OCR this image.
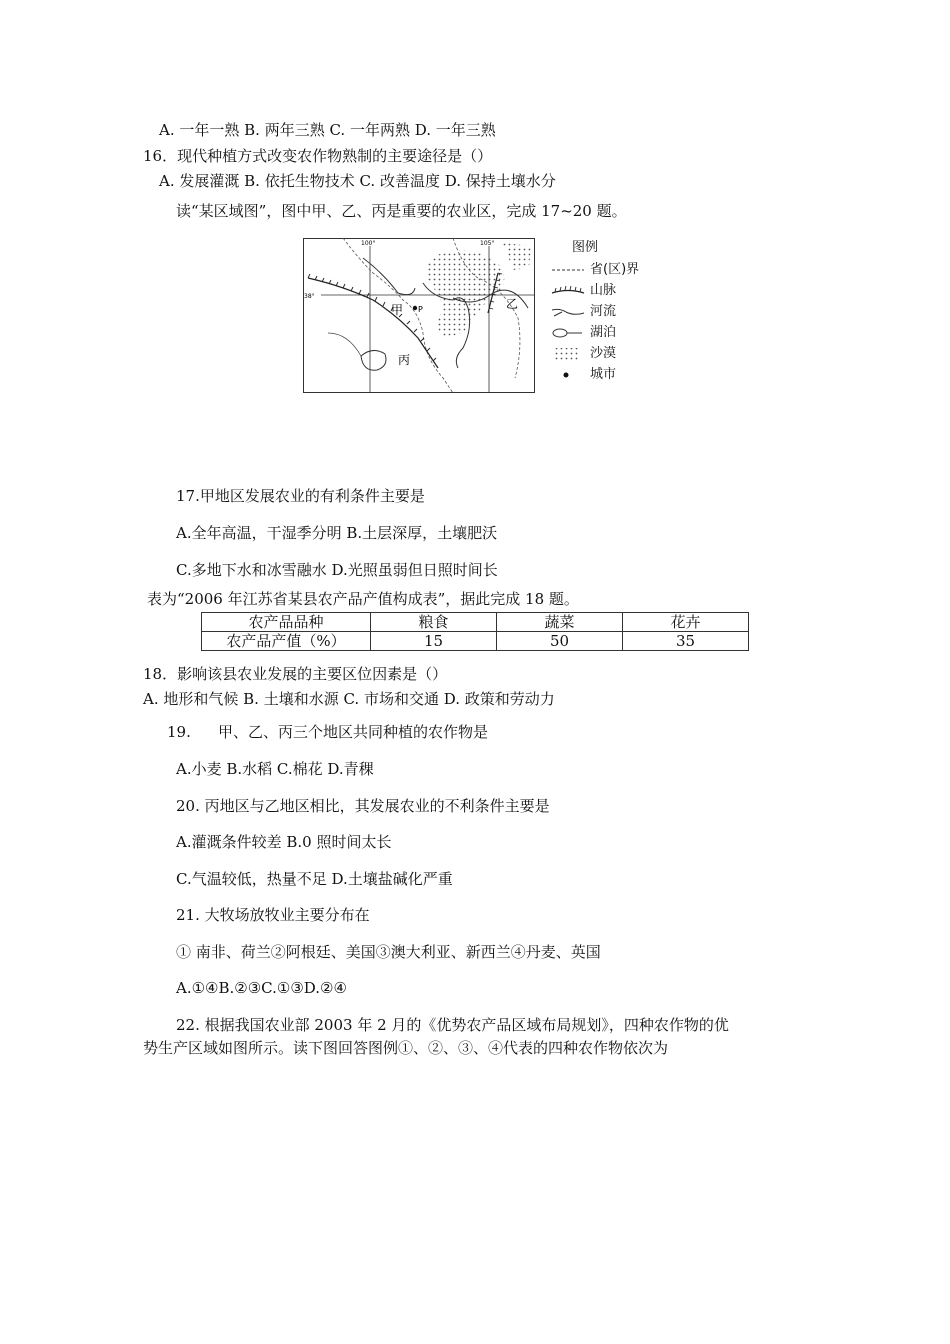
A. 一年一熟 B. 两年三熟 C. 一年两熟 D. 一年三熟
16．现代种植方式改变农作物熟制的主要途径是（）
A. 发展灌溉 B. 依托生物技术 C. 改善温度 D. 保持土壤水分
读“某区域图”，图中甲、乙、丙是重要的农业区，完成 17~20 题。
100°	105°
38°
甲 P	乙
丙
图例
省(区)界
山脉
河流
湖泊
沙漠
城市
17.甲地区发展农业的有利条件主要是
A.全年高温，干湿季分明 B.土层深厚，土壤肥沃
C.多地下水和冰雪融水 D.光照虽弱但日照时间长
表为“2006 年江苏省某县农产品产值构成表”，据此完成 18 题。
农产品品种	粮食	蔬菜	花卉
农产品产值（%）	15	50	35
18．影响该县农业发展的主要区位因素是（）
A. 地形和气候 B. 土壤和水源 C. 市场和交通 D. 政策和劳动力
19. 甲、乙、丙三个地区共同种植的农作物是
A.小麦 B.水稻 C.棉花 D.青稞
20. 丙地区与乙地区相比，其发展农业的不利条件主要是
A.灌溉条件较差 B.0 照时间太长
C.气温较低，热量不足 D.土壤盐碱化严重
21. 大牧场放牧业主要分布在
① 南非、荷兰②阿根廷、美国③澳大利亚、新西兰④丹麦、英国
A.①④B.②③C.①③D.②④
22. 根据我国农业部 2003 年 2 月的《优势农产品区域布局规划》，四种农作物的优
势生产区域如图所示。读下图回答图例①、②、③、④代表的四种农作物依次为
